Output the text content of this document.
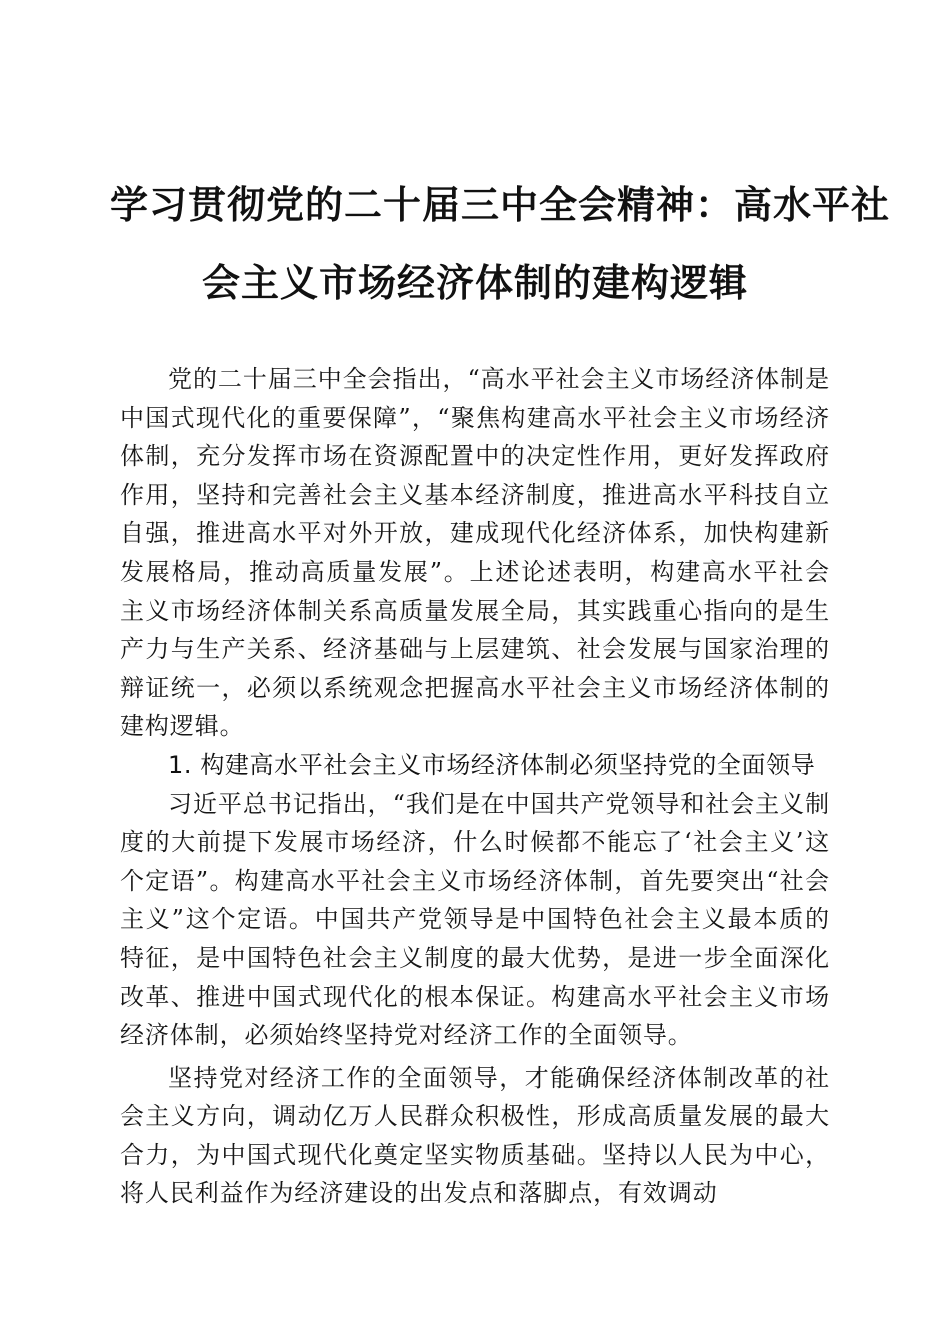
学习贯彻党的二十届三中全会精神：高水平社
会主义市场经济体制的建构逻辑

党的二十届三中全会指出，“高水平社会主义市场经济体制是中国式现代化的重要保障”，“聚焦构建高水平社会主义市场经济体制，充分发挥市场在资源配置中的决定性作用，更好发挥政府作用，坚持和完善社会主义基本经济制度，推进高水平科技自立自强，推进高水平对外开放，建成现代化经济体系，加快构建新发展格局，推动高质量发展”。上述论述表明，构建高水平社会主义市场经济体制关系高质量发展全局，其实践重心指向的是生产力与生产关系、经济基础与上层建筑、社会发展与国家治理的辩证统一，必须以系统观念把握高水平社会主义市场经济体制的建构逻辑。

1. 构建高水平社会主义市场经济体制必须坚持党的全面领导

习近平总书记指出，“我们是在中国共产党领导和社会主义制度的大前提下发展市场经济，什么时候都不能忘了‘社会主义’这个定语”。构建高水平社会主义市场经济体制，首先要突出“社会主义”这个定语。中国共产党领导是中国特色社会主义最本质的特征，是中国特色社会主义制度的最大优势，是进一步全面深化改革、推进中国式现代化的根本保证。构建高水平社会主义市场经济体制，必须始终坚持党对经济工作的全面领导。

坚持党对经济工作的全面领导，才能确保经济体制改革的社会主义方向，调动亿万人民群众积极性，形成高质量发展的最大合力，为中国式现代化奠定坚实物质基础。坚持以人民为中心，将人民利益作为经济建设的出发点和落脚点，有效调动
